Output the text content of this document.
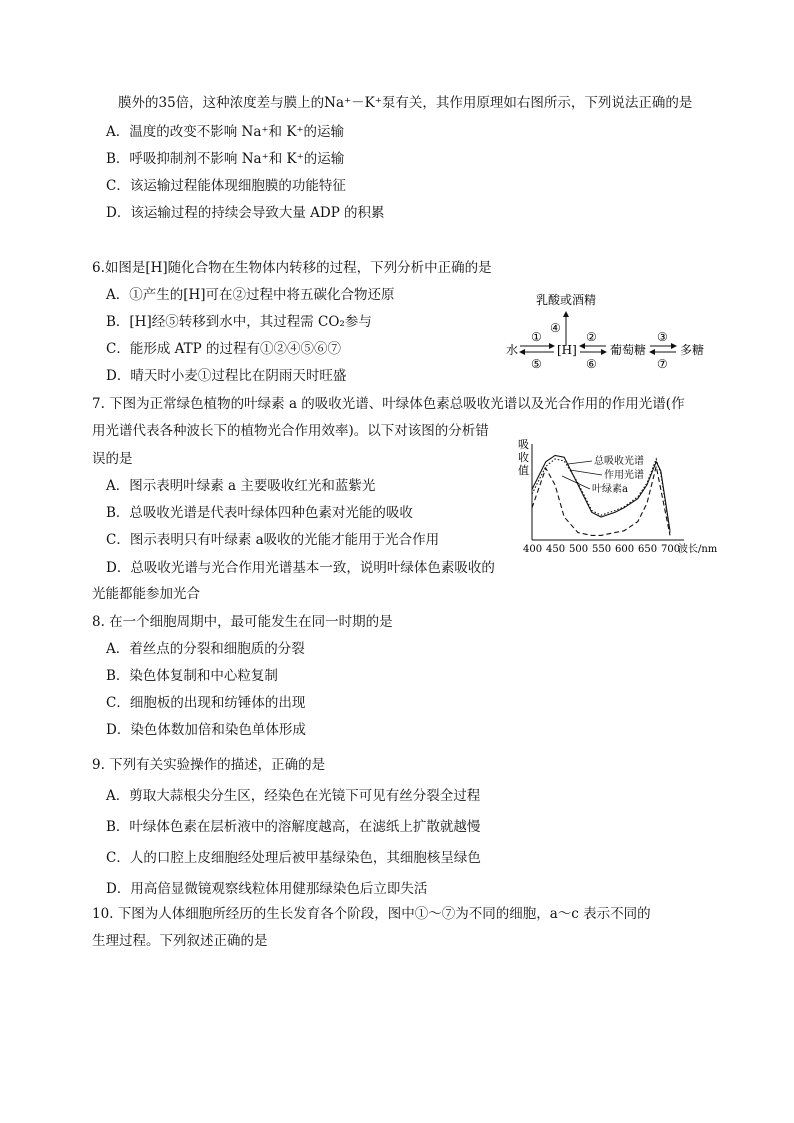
膜外的35倍，这种浓度差与膜上的Na⁺－K⁺泵有关，其作用原理如右图所示，下列说法正确的是
A．温度的改变不影响 Na⁺和 K⁺的运输
B．呼吸抑制剂不影响 Na⁺和 K⁺的运输
C．该运输过程能体现细胞膜的功能特征
D．该运输过程的持续会导致大量 ADP 的积累
6.如图是[H]随化合物在生物体内转移的过程，下列分析中正确的是
A．①产生的[H]可在②过程中将五碳化合物还原
B．[H]经⑤转移到水中，其过程需 CO₂参与
C．能形成 ATP 的过程有①②④⑤⑥⑦
D．晴天时小麦①过程比在阴雨天时旺盛
乳酸或酒精
④
水	[H]	葡萄糖	多糖
①
⑤
②
⑥
③
⑦
7. 下图为正常绿色植物的叶绿素 a 的吸收光谱、叶绿体色素总吸收光谱以及光合作用的作用光谱(作
用光谱代表各种波长下的植物光合作用效率)。以下对该图的分析错
误的是
A．图示表明叶绿素 a 主要吸收红光和蓝紫光
B．总吸收光谱是代表叶绿体四种色素对光能的吸收
C．图示表明只有叶绿素 a吸收的光能才能用于光合作用
D．总吸收光谱与光合作用光谱基本一致，说明叶绿体色素吸收的
光能都能参加光合
吸
收
值
400 450 500 550 600 650 700
波长/nm
总吸收光谱
作用光谱
叶绿素a
8. 在一个细胞周期中，最可能发生在同一时期的是
A．着丝点的分裂和细胞质的分裂
B．染色体复制和中心粒复制
C．细胞板的出现和纺锤体的出现
D．染色体数加倍和染色单体形成
9. 下列有关实验操作的描述，正确的是
A．剪取大蒜根尖分生区，经染色在光镜下可见有丝分裂全过程
B．叶绿体色素在层析液中的溶解度越高，在滤纸上扩散就越慢
C．人的口腔上皮细胞经处理后被甲基绿染色，其细胞核呈绿色
D．用高倍显微镜观察线粒体用健那绿染色后立即失活
10. 下图为人体细胞所经历的生长发育各个阶段，图中①～⑦为不同的细胞，a～c 表示不同的
生理过程。下列叙述正确的是
